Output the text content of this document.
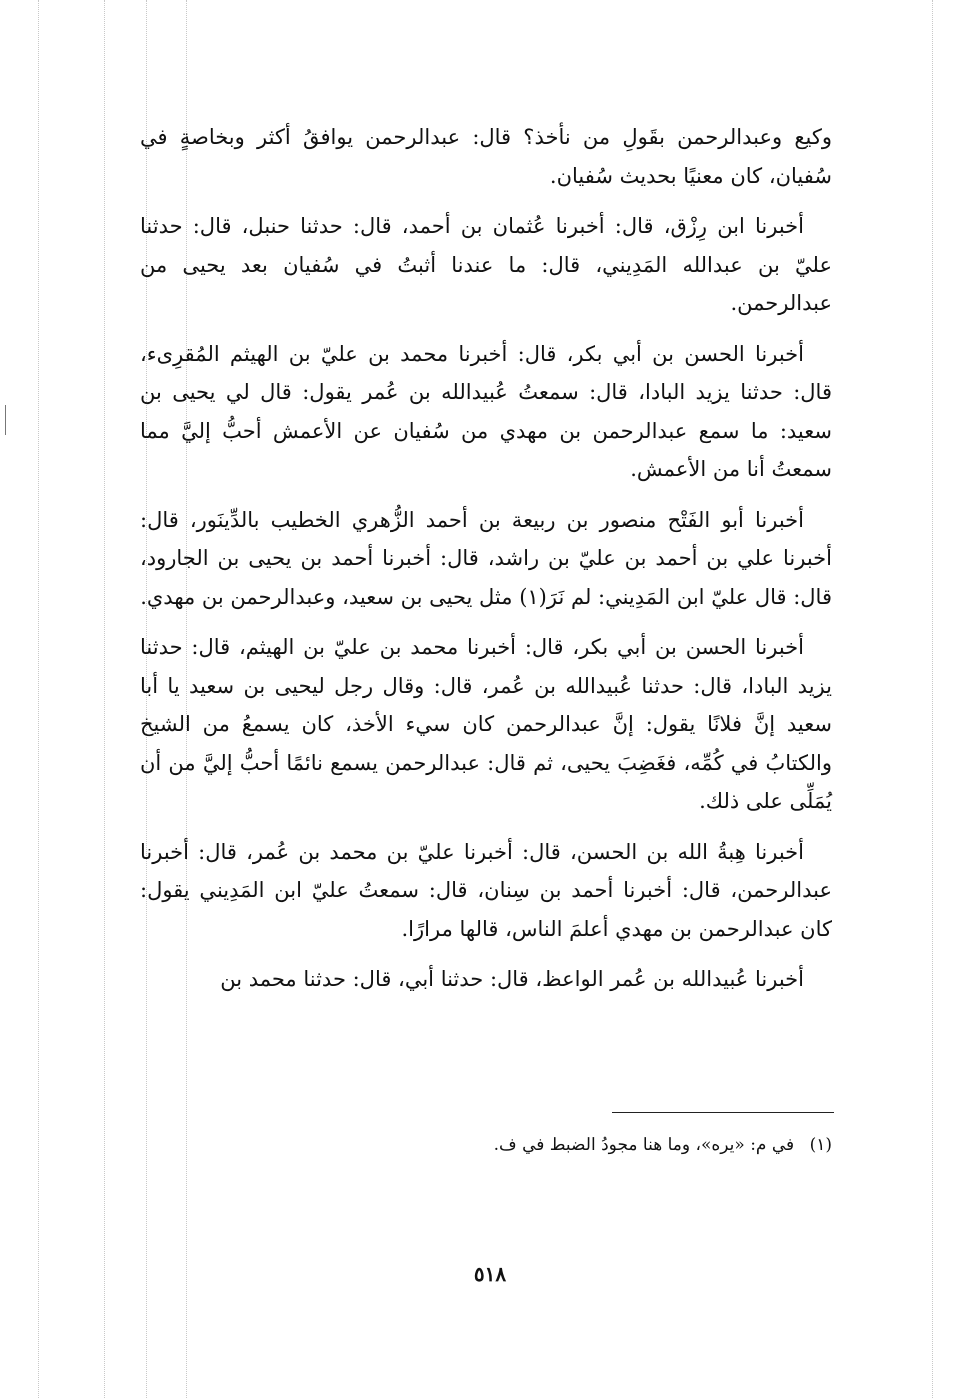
وكيع وعبدالرحمن بقَولِ من نأخذ؟ قال: عبدالرحمن يوافقُ أكثر وبخاصةٍ في سُفيان، كان معنيًا بحديث سُفيان.

أخبرنا ابن رِزْق، قال: أخبرنا عُثمان بن أحمد، قال: حدثنا حنبل، قال: حدثنا عليّ بن عبدالله المَدِيني، قال: ما عندنا أثبتُ في سُفيان بعد يحيى من عبدالرحمن.

أخبرنا الحسن بن أبي بكر، قال: أخبرنا محمد بن عليّ بن الهيثم المُقرِىء، قال: حدثنا يزيد البادا، قال: سمعتُ عُبيدالله بن عُمر يقول: قال لي يحيى بن سعيد: ما سمع عبدالرحمن بن مهدي من سُفيان عن الأعمش أحبُّ إليَّ مما سمعتُ أنا من الأعمش.

أخبرنا أبو الفَتْح منصور بن ربيعة بن أحمد الزُّهري الخطيب بالدِّينَور، قال: أخبرنا علي بن أحمد بن عليّ بن راشد، قال: أخبرنا أحمد بن يحيى بن الجارود، قال: قال عليّ ابن المَدِيني: لم نَرَ(١) مثل يحيى بن سعيد، وعبدالرحمن بن مهدي.

أخبرنا الحسن بن أبي بكر، قال: أخبرنا محمد بن عليّ بن الهيثم، قال: حدثنا يزيد البادا، قال: حدثنا عُبيدالله بن عُمر، قال: وقال رجل ليحيى بن سعيد يا أبا سعيد إنَّ فلانًا يقول: إنَّ عبدالرحمن كان سيء الأخذ، كان يسمعُ من الشيخ والكتابُ في كُمِّه، فغَضِبَ يحيى، ثم قال: عبدالرحمن يسمع نائمًا أحبُّ إليَّ من أن يُمَلِّى على ذلك.

أخبرنا هِبةُ الله بن الحسن، قال: أخبرنا عليّ بن محمد بن عُمر، قال: أخبرنا عبدالرحمن، قال: أخبرنا أحمد بن سِنان، قال: سمعتُ عليّ ابن المَدِيني يقول: كان عبدالرحمن بن مهدي أعلمَ الناس، قالها مرارًا.

أخبرنا عُبيدالله بن عُمر الواعظ، قال: حدثنا أبي، قال: حدثنا محمد بن

(١) في م: «يره»، وما هنا مجودُ الضبط في ف.
٥١٨
